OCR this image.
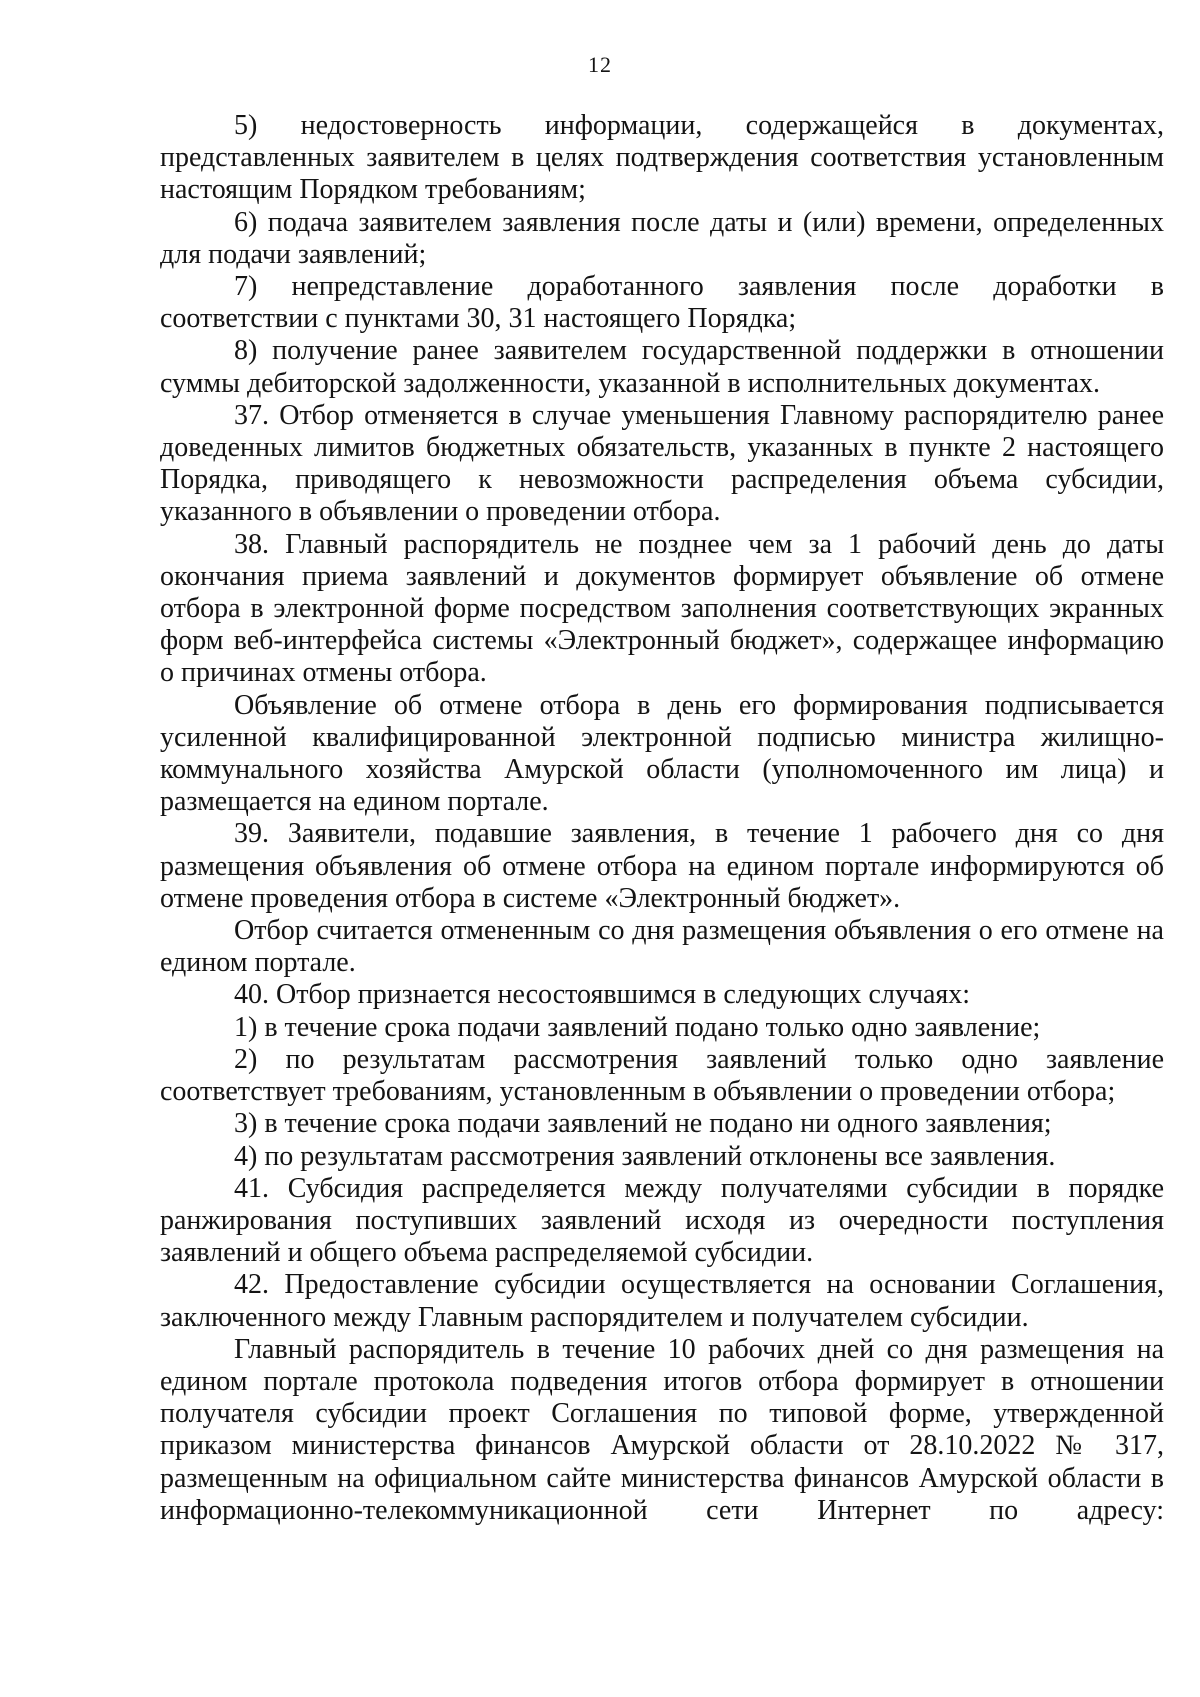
12

5) недостоверность информации, содержащейся в документах, представленных заявителем в целях подтверждения соответствия установленным настоящим Порядком требованиям;

6) подача заявителем заявления после даты и (или) времени, определенных для подачи заявлений;

7) непредставление доработанного заявления после доработки в соответствии с пунктами 30, 31 настоящего Порядка;

8) получение ранее заявителем государственной поддержки в отношении суммы дебиторской задолженности, указанной в исполнительных документах.

37. Отбор отменяется в случае уменьшения Главному распорядителю ранее доведенных лимитов бюджетных обязательств, указанных в пункте 2 настоящего Порядка, приводящего к невозможности распределения объема субсидии, указанного в объявлении о проведении отбора.

38. Главный распорядитель не позднее чем за 1 рабочий день до даты окончания приема заявлений и документов формирует объявление об отмене отбора в электронной форме посредством заполнения соответствующих экранных форм веб-интерфейса системы «Электронный бюджет», содержащее информацию о причинах отмены отбора.

Объявление об отмене отбора в день его формирования подписывается усиленной квалифицированной электронной подписью министра жилищно-коммунального хозяйства Амурской области (уполномоченного им лица) и размещается на едином портале.

39. Заявители, подавшие заявления, в течение 1 рабочего дня со дня размещения объявления об отмене отбора на едином портале информируются об отмене проведения отбора в системе «Электронный бюджет».

Отбор считается отмененным со дня размещения объявления о его отмене на едином портале.

40. Отбор признается несостоявшимся в следующих случаях:

1) в течение срока подачи заявлений подано только одно заявление;

2) по результатам рассмотрения заявлений только одно заявление соответствует требованиям, установленным в объявлении о проведении отбора;

3) в течение срока подачи заявлений не подано ни одного заявления;

4) по результатам рассмотрения заявлений отклонены все заявления.

41. Субсидия распределяется между получателями субсидии в порядке ранжирования поступивших заявлений исходя из очередности поступления заявлений и общего объема распределяемой субсидии.

42. Предоставление субсидии осуществляется на основании Соглашения, заключенного между Главным распорядителем и получателем субсидии.

Главный распорядитель в течение 10 рабочих дней со дня размещения на едином портале протокола подведения итогов отбора формирует в отношении получателя субсидии проект Соглашения по типовой форме, утвержденной приказом министерства финансов Амурской области от 28.10.2022 № 317, размещенным на официальном сайте министерства финансов Амурской области в информационно-телекоммуникационной сети Интернет по адресу:
